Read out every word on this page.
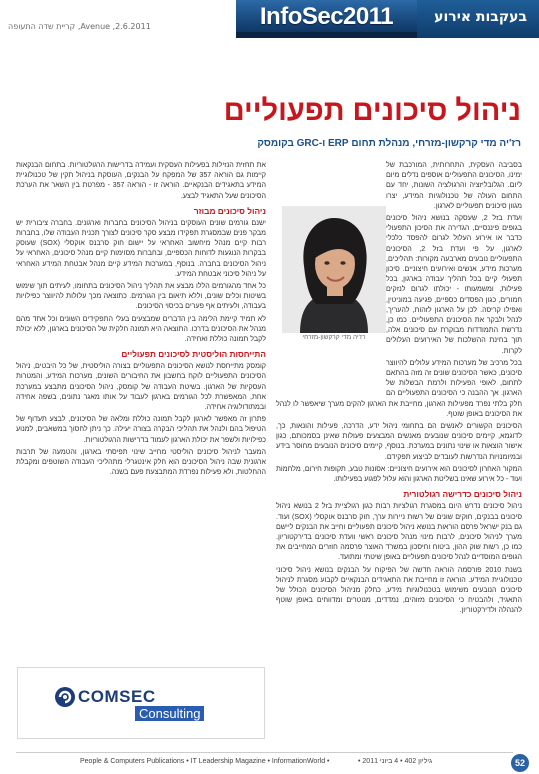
Avenue ,2.6.2011, קריית שדה התעופה	InfoSec2011	בעקבות אירוע
ניהול סיכונים תפעוליים
רז'יה מדי קרקשון-מזרחי, מנהלת תחום ERP ו-GRC בקומסק

בסביבה העסקית, התחרותית, המורכבת של ימינו, הסיכונים התפעוליים אוספים נדלים מיום ליום. הגלובליזציה והרגולציה השונות, יחד עם התחום העולה של טכנולוגיות המידע, יצרו מגוון סיכונים תפעוליים לארגון.

ועדת בזל 2, שעסקה בנושא ניהול סיכונים בגופים פיננסיים, הגדירה את הסיכון התפעולי כדבר או אירוע העלול לגרום להפסד כלכלי לארגון, על פי ועדת בזל 2, הסיכונים התפעוליים נובעים מארבעה מקורות: תהליכים, מערכות מידע, אנשים ואירועים חיצוניים. סיכון תפעולי קיים בכל תהליך עבודה בארגון, בכל פעילות, ומשמעותו - יכולתו לגרום לנזקים חמורים, כגון הפסדים כספיים, פגיעה במוניטין, ואפילו קריסה. לכן על הארגון לזהות, להעריך, לנהל ולבקר את הסיכונים התפעוליים. כמו כן, נדרשת התמודדות מבוקרת עם סיכונים אלה, תוך בחינת ההשלכות של האירועים העלולים לקרות.

בכל מרכיב של מערכות המידע עלולים להיווצר סיכונים, כאשר הסיכונים שונים זה מזה בהתאם לתחום, לאופי הפעילות ולרמת הבשלות של הארגון. אך ההבנה כי הסיכונים התפעוליים הם חלק בלתי נפרד מפעילות הארגון, מחייבת את הארגון להקים מערך שיאפשר לו לנהל את הסיכונים באופן שוטף.

הסיכונים הקשורים לאנשים הם בתחומי ניהול ידע, הדרכה, פעילות והונאות, כך, לדוגמא, קיימים סיכונים שנובעים מאנשים המבצעים פעולות שאינן בסמכותם, כגון אישור הוצאות או שינוי נתונים במערכת. בנוסף, קיימים סיכונים הנובעים מחוסר בידע ובמיומנויות הנדרשות לעובדים לביצוע תפקידם.

המקור האחרון לסיכונים הוא אירועים חיצוניים: אסונות טבע, תקופות חירום, מלחמות ועוד - כל אירוע שאינו בשליטת הארגון והוא עלול לפגוע בפעילותו.

ניהול סיכונים כדרישה רגולטורית

ניהול סיכונים נדרש היום במסגרת רגולציות רבות כגון רגולציית בזל 2 בנושא ניהול סיכונים בבנקים, חוקים שונים של רשות ניירות ערך, חוק סרבנס אוקסלי (SOX) ועוד. גם בנק ישראל פרסם הוראות בנושא ניהול סיכונים תפעוליים וחייב את הבנקים ליישם מערך לניהול סיכונים, לרבות מינוי מנהל סיכונים ראשי וועדת סיכונים בדירקטוריון. כמו כן, רשות שוק ההון, ביטוח וחיסכון במשרד האוצר פרסמה חוזרים המחייבים את הגופים המוסדיים לנהל סיכונים תפעוליים באופן שיטתי ומתועד.

בשנת 2010 פורסמה הוראה חדשה של הפיקוח על הבנקים בנושא ניהול סיכוני טכנולוגיית המידע. הוראה זו מחייבת את התאגידים הבנקאיים לקבוע מסגרת לניהול סיכונים הנובעים משימוש בטכנולוגיות מידע, כחלק מניהול הסיכונים הכולל של התאגיד, ולהבטיח כי הסיכונים מזוהים, נמדדים, מנוטרים ומדווחים באופן שוטף להנהלה ולדירקטוריון.

רז'יה מדי קרקשון-מזרחי

את תחזית הנזילות בפעילות העסקית ועמידה בדרישות הרגולטוריות. בתחום הבנקאות קיימות גם הוראה 357 של המפקח על הבנקים, העוסקת בניהול תקין של טכנולוגיית המידע בתאגידים הבנקאיים. הוראה זו - הוראה 357 - מפרטת בין השאר את הערכת הסיכונים שעל התאגיד לבצע.

ניהול סיכונים מבוזר

ישנם גורמים שונים העוסקים בניהול הסיכונים בחברות וארגונים. בחברה ציבורית יש מבקר פנים שבמסגרת תפקידו מבצע סקר סיכונים לצורך תכנית העבודה שלו, בחברות רבות קיים מנהל מיחשוב האחראי על יישום חוק סרבנס אוקסלי (SOX) שעוסק בבקרות הנוגעות לדוחות הכספיים, ובחברות מסוימות קיים מנהל סיכונים, האחראי על ניהול הסיכונים בחברה. בנוסף, במערכות המידע קיים מנהל אבטחת המידע האחראי על ניהול סיכוני אבטחת המידע.

כל אחד מהגורמים הללו מבצע את תהליך ניהול הסיכונים בתחומו, לעיתים תוך שימוש בשיטות וכלים שונים, וללא תיאום בין הגורמים. כתוצאה מכך עלולות להיווצר כפילויות בעבודה, ולעיתים אף פערים בכיסוי הסיכונים.

לא תמיד קיימת הלימה בין הדברים שמבצעים בעלי התפקידים השונים וכל אחד מהם מנהל את הסיכונים בדרכו. התוצאה היא תמונה חלקית של הסיכונים בארגון, ללא יכולת לקבל תמונה כוללת ואחידה.

התייחסות הוליסטית לסיכונים תפעוליים

קומסק מתייחסת לנושא הסיכונים התפעוליים בצורה הוליסטית, של כל היבטים, ניהול הסיכונים התפעוליים לוקח בחשבון את החיבורים השונים, מערכות המידע, והמטרות העסקיות של הארגון. בשיטת העבודה של קומסק, ניהול הסיכונים מתבצע במערכת אחת, המאפשרת לכל הגורמים בארגון לעבוד על אותו מאגר נתונים, בשפה אחידה ובמתודולוגיה אחידה.

פתרון זה מאפשר לארגון לקבל תמונה כוללת ומלאה של הסיכונים, לבצע תעדוף של הטיפול בהם ולנהל את תהליכי הבקרה בצורה יעילה. כך ניתן לחסוך במשאבים, למנוע כפילויות ולשפר את יכולת הארגון לעמוד בדרישות הרגולטוריות.

המעבר לניהול סיכונים הוליסטי מחייב שינוי תפיסתי בארגון, והטמעה של תרבות ארגונית שבה ניהול הסיכונים הוא חלק אינטגרלי מתהליכי העבודה השוטפים ומקבלת ההחלטות, ולא פעילות נפרדת המתבצעת פעם בשנה.

COMSEC
Consulting
People & Computers Publications • IT Leadership Magazine • InformationWorld •	גיליון 402 • 4 ביוני 2011 •	52
